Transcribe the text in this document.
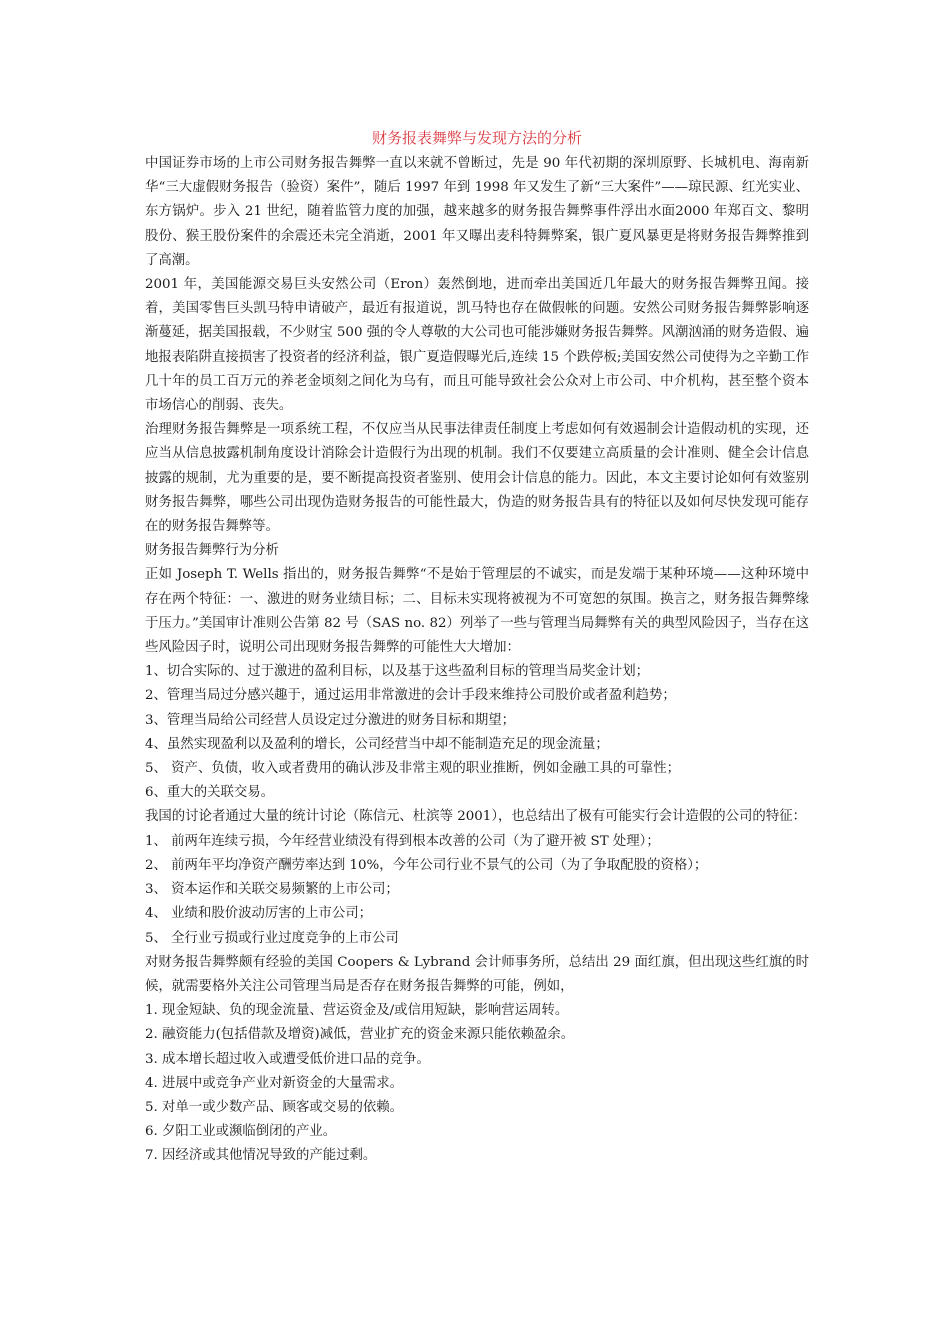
财务报表舞弊与发现方法的分析

中国证券市场的上市公司财务报告舞弊一直以来就不曾断过，先是 90 年代初期的深圳原野、长城机电、海南新华“三大虚假财务报告（验资）案件”，随后 1997 年到 1998 年又发生了新“三大案件”——琼民源、红光实业、东方锅炉。步入 21 世纪，随着监管力度的加强，越来越多的财务报告舞弊事件浮出水面2000 年郑百文、黎明股份、猴王股份案件的余震还未完全消逝，2001 年又曝出麦科特舞弊案，银广夏风暴更是将财务报告舞弊推到了高潮。

2001 年，美国能源交易巨头安然公司（Eron）轰然倒地，进而牵出美国近几年最大的财务报告舞弊丑闻。接着，美国零售巨头凯马特申请破产，最近有报道说，凯马特也存在做假帐的问题。安然公司财务报告舞弊影响逐渐蔓延，据美国报载，不少财宝 500 强的令人尊敬的大公司也可能涉嫌财务报告舞弊。风潮汹涌的财务造假、遍地报表陷阱直接损害了投资者的经济利益，银广夏造假曝光后,连续 15 个跌停板;美国安然公司使得为之辛勤工作几十年的员工百万元的养老金顷刻之间化为乌有，而且可能导致社会公众对上市公司、中介机构，甚至整个资本市场信心的削弱、丧失。

治理财务报告舞弊是一项系统工程，不仅应当从民事法律责任制度上考虑如何有效遏制会计造假动机的实现，还应当从信息披露机制角度设计消除会计造假行为出现的机制。我们不仅要建立高质量的会计准则、健全会计信息披露的规制，尤为重要的是，要不断提高投资者鉴别、使用会计信息的能力。因此，本文主要讨论如何有效鉴别财务报告舞弊，哪些公司出现伪造财务报告的可能性最大，伪造的财务报告具有的特征以及如何尽快发现可能存在的财务报告舞弊等。

财务报告舞弊行为分析

正如 Joseph T. Wells 指出的，财务报告舞弊“不是始于管理层的不诚实，而是发端于某种环境——这种环境中存在两个特征：一、激进的财务业绩目标；二、目标未实现将被视为不可宽恕的氛围。换言之，财务报告舞弊缘于压力。”美国审计准则公告第 82 号（SAS no. 82）列举了一些与管理当局舞弊有关的典型风险因子，当存在这些风险因子时，说明公司出现财务报告舞弊的可能性大大增加：

1、切合实际的、过于激进的盈利目标，以及基于这些盈利目标的管理当局奖金计划；

2、管理当局过分感兴趣于，通过运用非常激进的会计手段来维持公司股价或者盈利趋势；

3、管理当局给公司经营人员设定过分激进的财务目标和期望；

4、虽然实现盈利以及盈利的增长，公司经营当中却不能制造充足的现金流量；

5、 资产、负债，收入或者费用的确认涉及非常主观的职业推断，例如金融工具的可靠性；

6、重大的关联交易。

我国的讨论者通过大量的统计讨论（陈信元、杜滨等 2001），也总结出了极有可能实行会计造假的公司的特征：

1、 前两年连续亏损，今年经营业绩没有得到根本改善的公司（为了避开被 ST 处理）；

2、 前两年平均净资产酬劳率达到 10%，今年公司行业不景气的公司（为了争取配股的资格）；

3、 资本运作和关联交易频繁的上市公司；

4、 业绩和股价波动厉害的上市公司；

5、 全行业亏损或行业过度竞争的上市公司

对财务报告舞弊颇有经验的美国 Coopers & Lybrand 会计师事务所，总结出 29 面红旗，但出现这些红旗的时候，就需要格外关注公司管理当局是否存在财务报告舞弊的可能，例如，

1. 现金短缺、负的现金流量、营运资金及/或信用短缺，影响营运周转。

2. 融资能力(包括借款及增资)减低，营业扩充的资金来源只能依赖盈余。

3. 成本增长超过收入或遭受低价进口品的竞争。

4. 进展中或竞争产业对新资金的大量需求。

5. 对单一或少数产品、顾客或交易的依赖。

6. 夕阳工业或濒临倒闭的产业。

7. 因经济或其他情况导致的产能过剩。
